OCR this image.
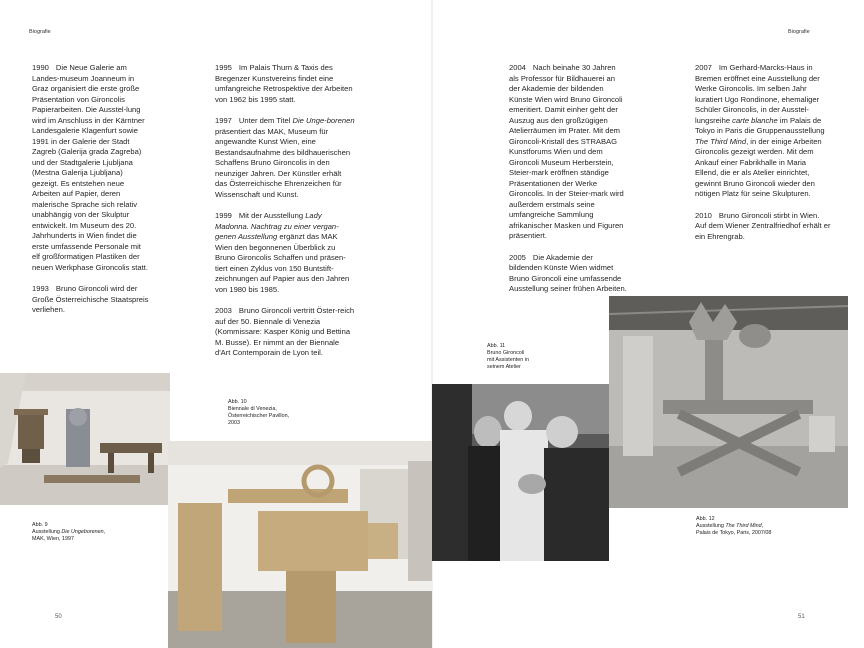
Biografie	Biografie

1990 Die Neue Galerie am Landes-museum Joanneum in Graz organisiert die erste große Präsentation von Gironcolis Papierarbeiten. Die Ausstel-lung wird im Anschluss in der Kärntner Landesgalerie Klagenfurt sowie 1991 in der Galerie der Stadt Zagreb (Galerija grada Zagreba) und der Stadtgalerie Ljubljana (Mestna Galerija Ljubljana) gezeigt. Es entstehen neue Arbeiten auf Papier, deren malerische Sprache sich relativ unabhängig von der Skulptur entwickelt. Im Museum des 20. Jahrhunderts in Wien findet die erste umfassende Personale mit elf großformatigen Plastiken der neuen Werkphase Gironcolis statt.

1993 Bruno Gironcoli wird der Große Österreichische Staatspreis verliehen.

1995 Im Palais Thurn & Taxis des Bregenzer Kunstvereins findet eine umfangreiche Retrospektive der Arbeiten von 1962 bis 1995 statt.

1997 Unter dem Titel Die Unge-borenen präsentiert das MAK, Museum für angewandte Kunst Wien, eine Bestandsaufnahme des bildhauerischen Schaffens Bruno Gironcolis in den neunziger Jahren. Der Künstler erhält das Österreichische Ehrenzeichen für Wissenschaft und Kunst.

1999 Mit der Ausstellung Lady Madonna. Nachtrag zu einer vergan-genen Ausstellung ergänzt das MAK Wien den begonnenen Überblick zu Bruno Gironcolis Schaffen und präsen-tiert einen Zyklus von 150 Buntstift-zeichnungen auf Papier aus den Jahren von 1980 bis 1985.

2003 Bruno Gironcoli vertritt Öster-reich auf der 50. Biennale di Venezia (Kommissare: Kasper König und Bettina M. Busse). Er nimmt an der Biennale d'Art Contemporain de Lyon teil.

2004 Nach beinahe 30 Jahren als Professor für Bildhauerei an der Akademie der bildenden Künste Wien wird Bruno Gironcoli emeritiert. Damit einher geht der Auszug aus den großzügigen Atelierräumen im Prater. Mit dem Gironcoli-Kristall des STRABAG Kunstforums Wien und dem Gironcoli Museum Herberstein, Steier-mark eröffnen ständige Präsentationen der Werke Gironcolis. In der Steier-mark wird außerdem erstmals seine umfangreiche Sammlung afrikanischer Masken und Figuren präsentiert.

2005 Die Akademie der bildenden Künste Wien widmet Bruno Gironcoli eine umfassende Ausstellung seiner frühen Arbeiten.

2007 Im Gerhard-Marcks-Haus in Bremen eröffnet eine Ausstellung der Werke Gironcolis. Im selben Jahr kuratiert Ugo Rondinone, ehemaliger Schüler Gironcolis, in der Ausstel-lungsreihe carte blanche im Palais de Tokyo in Paris die Gruppenausstellung The Third Mind, in der einige Arbeiten Gironcolis gezeigt werden. Mit dem Ankauf einer Fabrikhalle in Maria Ellend, die er als Atelier einrichtet, gewinnt Bruno Gironcoli wieder den nötigen Platz für seine Skulpturen.

2010 Bruno Gironcoli stirbt in Wien. Auf dem Wiener Zentralfriedhof erhält er ein Ehrengrab.

Abb. 9
Ausstellung Die Ungeborenen,
MAK, Wien, 1997
Abb. 10
Biennale di Venezia,
Österreichischer Pavillon,
2003
Abb. 11
Bruno Gironcoli
mit Assistenten in
seinem Atelier
Abb. 12
Ausstellung The Third Mind,
Palais de Tokyo, Paris, 2007/08
50	51
